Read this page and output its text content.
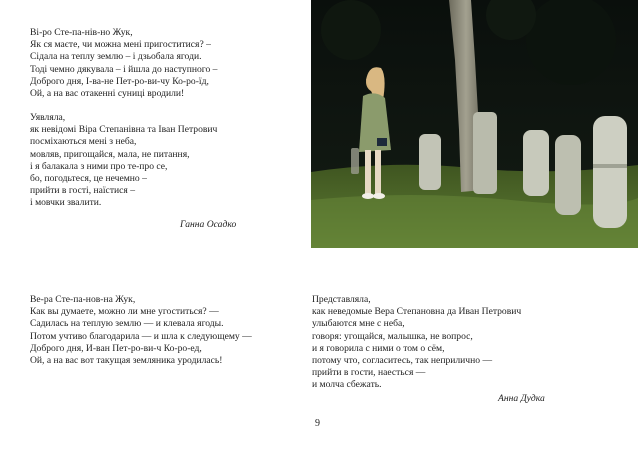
Ві-ро Сте-па-нів-но Жук,
Як ся маєте, чи можна мені пригоститися? –
Сідала на теплу землю – і дзьобала ягоди.
Тоді чемно дякувала – і йшла до наступного –
Доброго дня, І-ва-не Пет-ро-ви-чу Ко-ро-їд,
Ой, а на вас отакенні суниці вродили!
Уявляла,
як невідомі Віра Степанівна та Іван Петрович
посміхаються мені з неба,
мовляв, пригощайся, мала, не питання,
і я балакала з ними про те-про се,
бо, погодьтеся, це нечемно –
прийти в гості, наїстися –
і мовчки звалити.
Ганна Осадко
Ве-ра Сте-па-нов-на Жук,
Как вы думаете, можно ли мне угоститься? —
Садилась на теплую землю — и клевала ягоды.
Потом учтиво благодарила — и шла к следующему —
Доброго дня, И-ван Пет-ро-ви-ч Ко-ро-ед,
Ой, а на вас вот такущая земляника уродилась!
Представляла,
как неведомые Вера Степановна да Иван Петрович
улыбаются мне с неба,
говоря: угощайся, малышка, не вопрос,
и я говорила с ними о том о сём,
потому что, согласитесь, так неприлично —
прийти в гости, наесться —
и молча сбежать.
Анна Дудка
9
